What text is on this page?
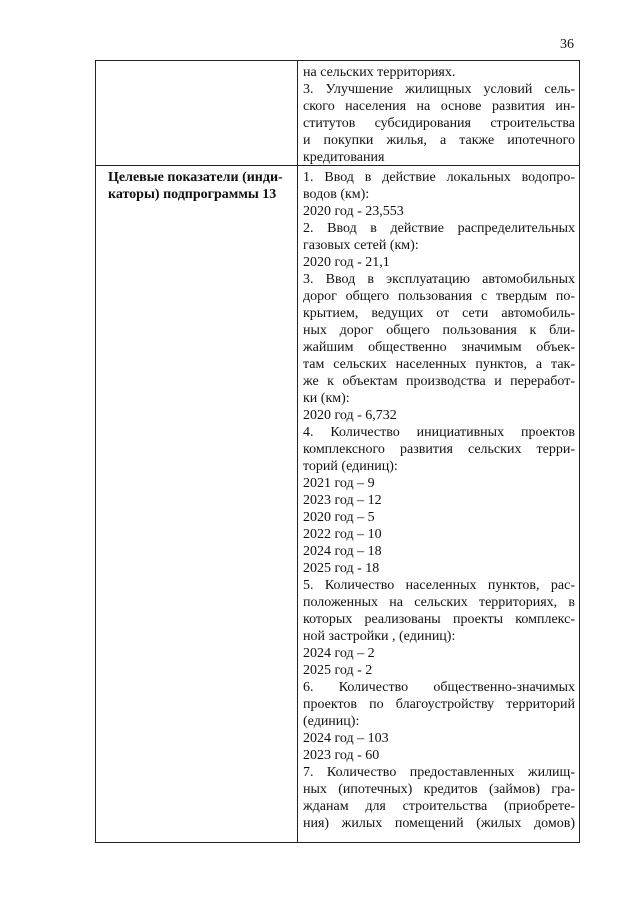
36
на сельских территориях.
3. Улучшение жилищных условий сель-
ского населения на основе развития ин-
ститутов субсидирования строительства
и покупки жилья, а также ипотечного
кредитования
Целевые показатели (инди-
каторы) подпрограммы 13
1. Ввод в действие локальных водопро-
водов (км):
2020 год - 23,553
2. Ввод в действие распределительных
газовых сетей (км):
2020 год - 21,1
3. Ввод в эксплуатацию автомобильных
дорог общего пользования с твердым по-
крытием, ведущих от сети автомобиль-
ных дорог общего пользования к бли-
жайшим общественно значимым объек-
там сельских населенных пунктов, а так-
же к объектам производства и переработ-
ки (км):
2020 год - 6,732
4. Количество инициативных проектов
комплексного развития сельских терри-
торий (единиц):
2021 год – 9
2023 год – 12
2020 год – 5
2022 год – 10
2024 год – 18
2025 год - 18
5. Количество населенных пунктов, рас-
положенных на сельских территориях, в
которых реализованы проекты комплекс-
ной застройки , (единиц):
2024 год – 2
2025 год - 2
6. Количество общественно-значимых
проектов по благоустройству территорий
(единиц):
2024 год – 103
2023 год - 60
7. Количество предоставленных жилищ-
ных (ипотечных) кредитов (займов) гра-
жданам для строительства (приобрете-
ния) жилых помещений (жилых домов)
